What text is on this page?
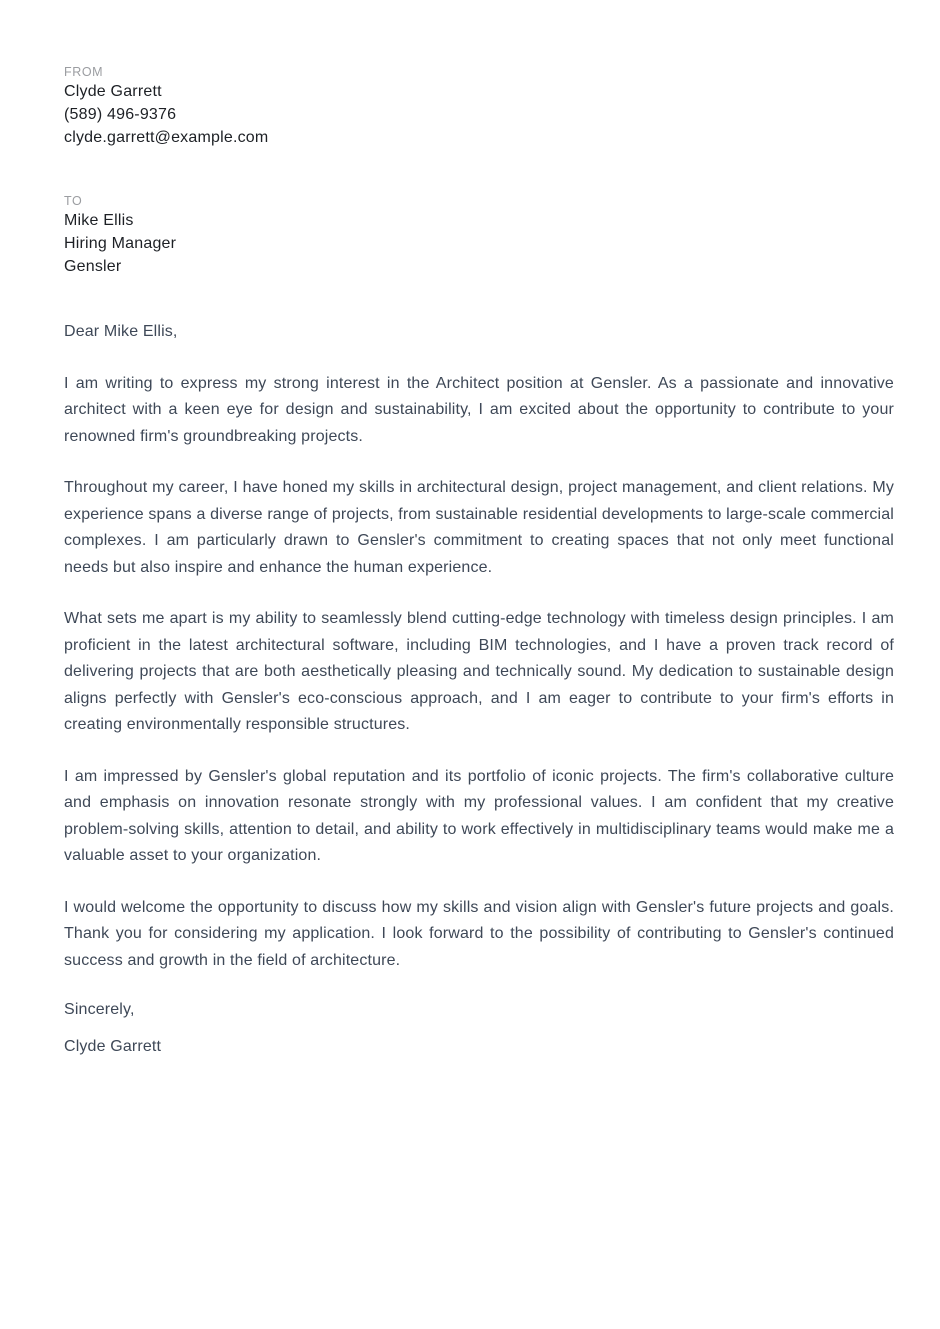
FROM
Clyde Garrett
(589) 496-9376
clyde.garrett@example.com
TO
Mike Ellis
Hiring Manager
Gensler
Dear Mike Ellis,

I am writing to express my strong interest in the Architect position at Gensler. As a passionate and innovative architect with a keen eye for design and sustainability, I am excited about the opportunity to contribute to your renowned firm's groundbreaking projects.

Throughout my career, I have honed my skills in architectural design, project management, and client relations. My experience spans a diverse range of projects, from sustainable residential developments to large-scale commercial complexes. I am particularly drawn to Gensler's commitment to creating spaces that not only meet functional needs but also inspire and enhance the human experience.

What sets me apart is my ability to seamlessly blend cutting-edge technology with timeless design principles. I am proficient in the latest architectural software, including BIM technologies, and I have a proven track record of delivering projects that are both aesthetically pleasing and technically sound. My dedication to sustainable design aligns perfectly with Gensler's eco-conscious approach, and I am eager to contribute to your firm's efforts in creating environmentally responsible structures.

I am impressed by Gensler's global reputation and its portfolio of iconic projects. The firm's collaborative culture and emphasis on innovation resonate strongly with my professional values. I am confident that my creative problem-solving skills, attention to detail, and ability to work effectively in multidisciplinary teams would make me a valuable asset to your organization.

I would welcome the opportunity to discuss how my skills and vision align with Gensler's future projects and goals. Thank you for considering my application. I look forward to the possibility of contributing to Gensler's continued success and growth in the field of architecture.

Sincerely,
Clyde Garrett
